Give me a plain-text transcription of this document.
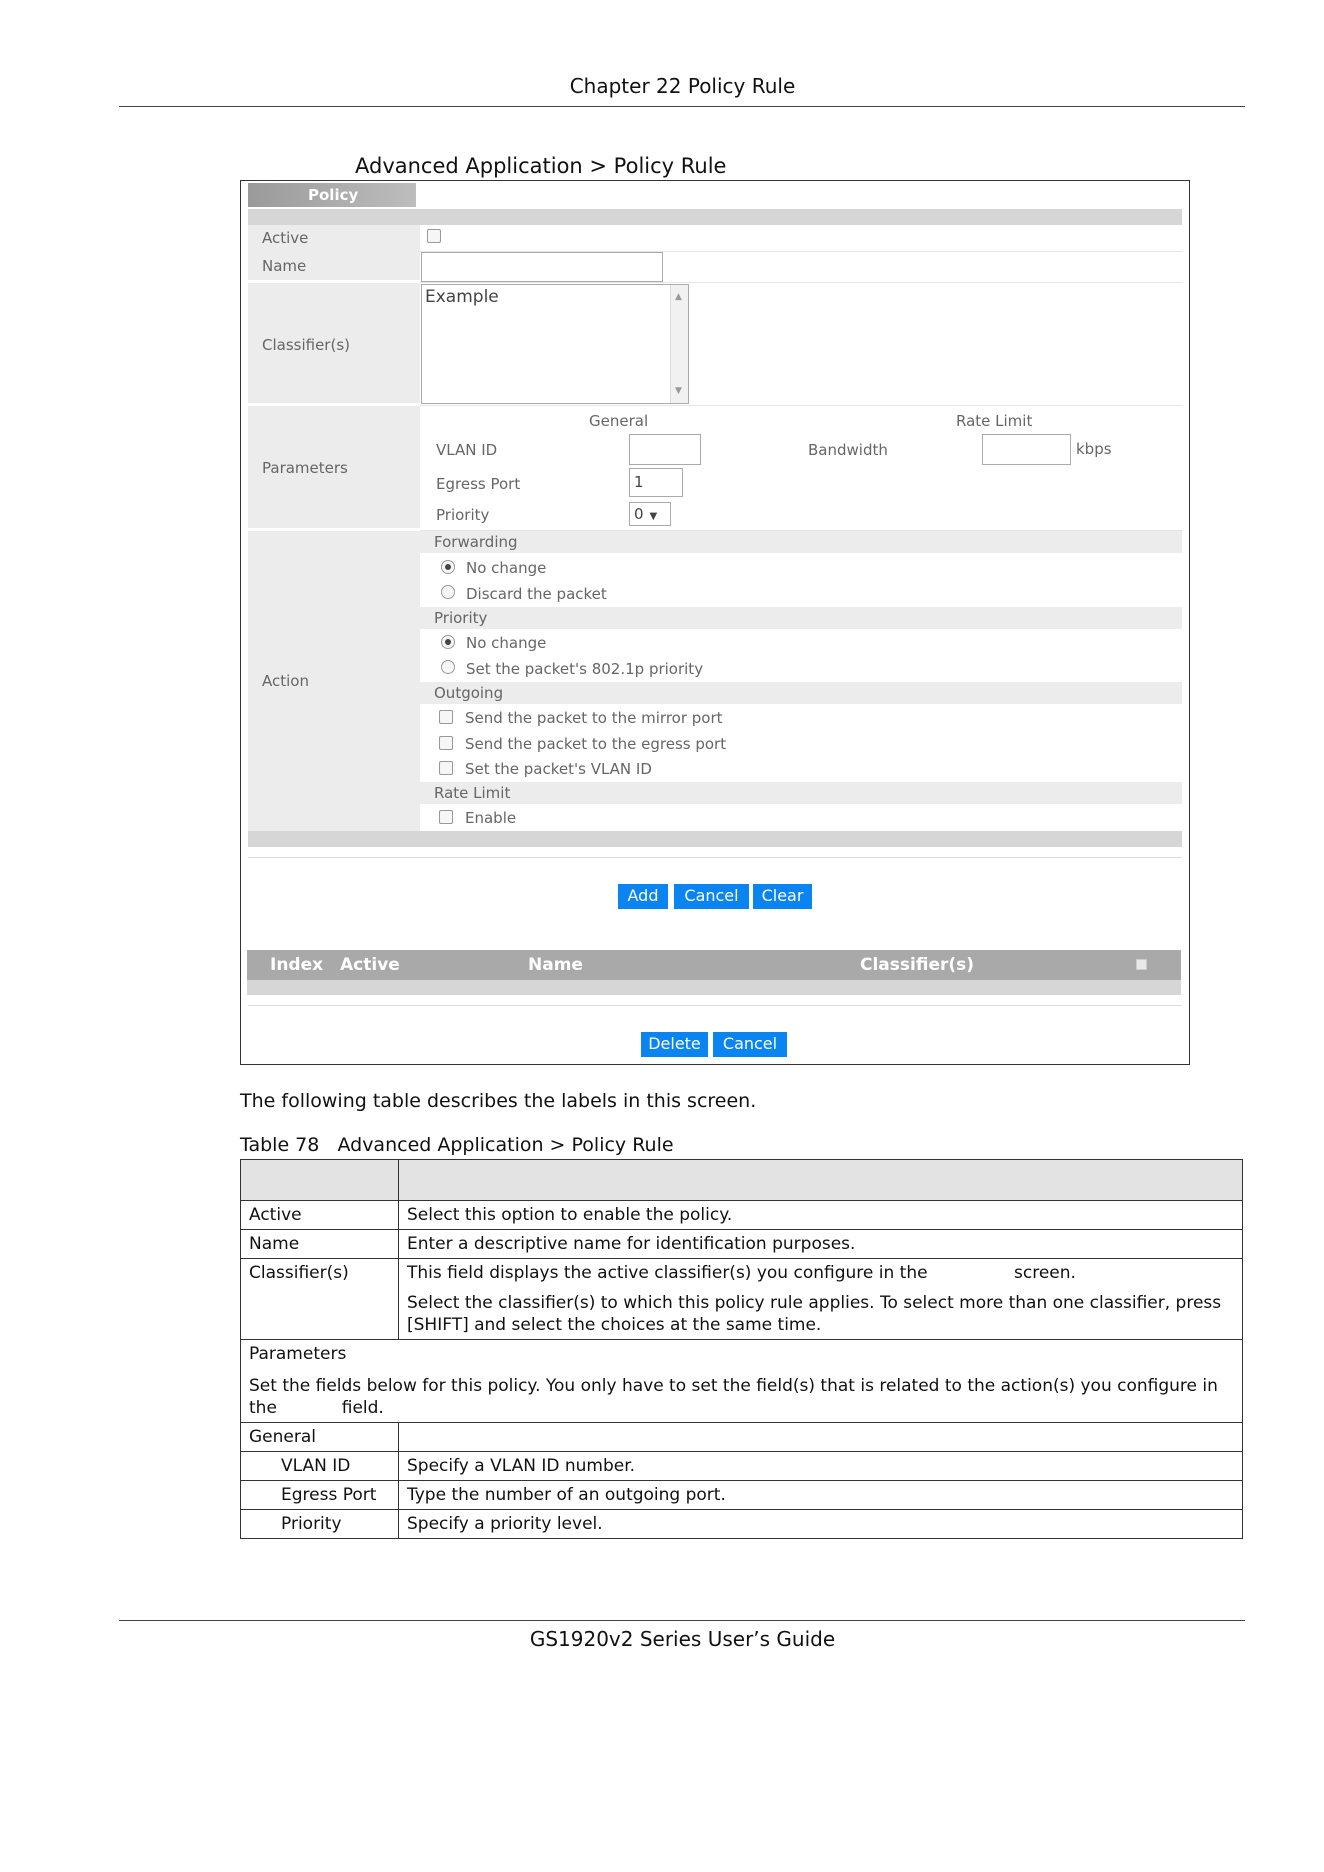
Chapter 22 Policy Rule
Advanced Application > Policy Rule
Policy
Active
Name
Classifier(s)
Example	▲
▼
Parameters
General	Rate Limit
VLAN ID	Bandwidth	kbps
Egress Port	1
Priority	0 ▼
Action
Forwarding
No change
Discard the packet
Priority
No change
Set the packet's 802.1p priority
Outgoing
Send the packet to the mirror port
Send the packet to the egress port
Set the packet's VLAN ID
Rate Limit
Enable
Add	Cancel	Clear
Index Active	Name	Classifier(s)
Delete	Cancel
The following table describes the labels in this screen.
Table 78   Advanced Application > Policy Rule

Active	Select this option to enable the policy.
Name	Enter a descriptive name for identification purposes.
Classifier(s)	This field displays the active classifier(s) you configure in the                screen.
Select the classifier(s) to which this policy rule applies. To select more than one classifier, press [SHIFT] and select the choices at the same time.

Parameters
Set the fields below for this policy. You only have to set the field(s) that is related to the action(s) you configure in the            field.	

General	
VLAN ID	Specify a VLAN ID number.
Egress Port	Type the number of an outgoing port.
Priority	Specify a priority level.
GS1920v2 Series User’s Guide
